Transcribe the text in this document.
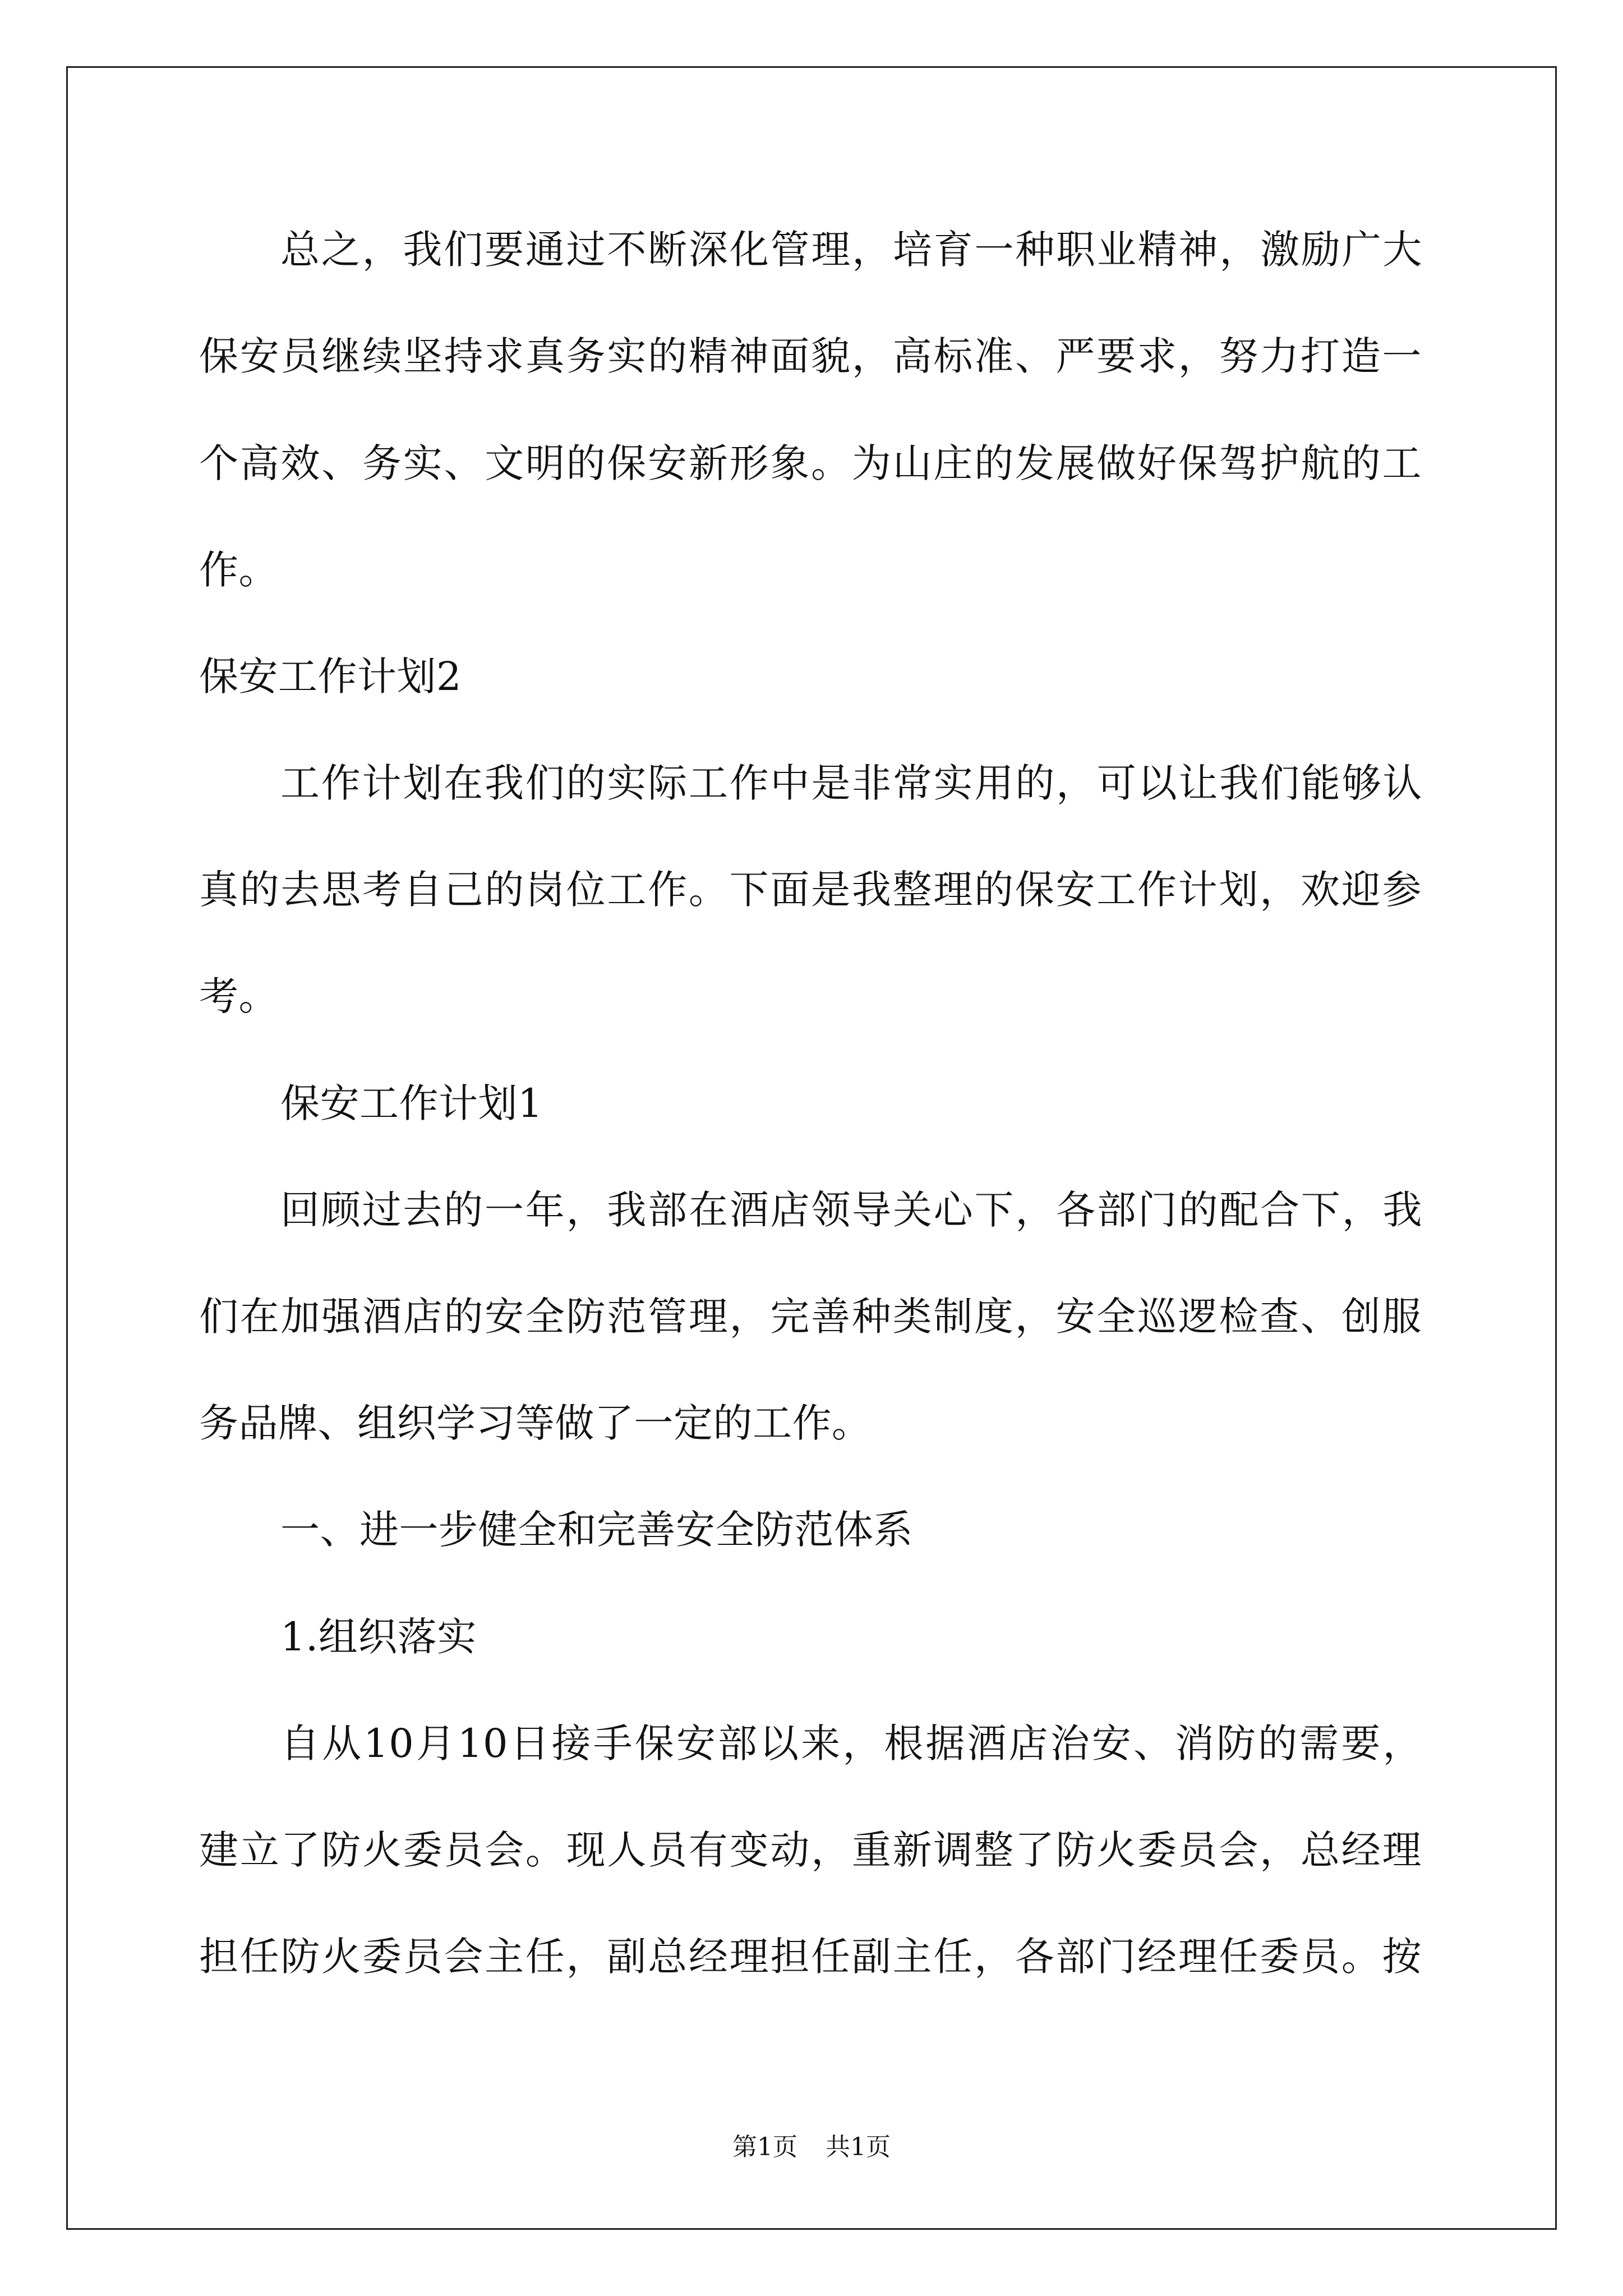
总之，我们要通过不断深化管理，培育一种职业精神，激励广大
保安员继续坚持求真务实的精神面貌，高标准、严要求，努力打造一
个高效、务实、文明的保安新形象。为山庄的发展做好保驾护航的工
作。
保安工作计划2
工作计划在我们的实际工作中是非常实用的，可以让我们能够认
真的去思考自己的岗位工作。下面是我整理的保安工作计划，欢迎参
考。
保安工作计划1
回顾过去的一年，我部在酒店领导关心下，各部门的配合下，我
们在加强酒店的安全防范管理，完善种类制度，安全巡逻检查、创服
务品牌、组织学习等做了一定的工作。
一、进一步健全和完善安全防范体系
1.组织落实
自从10月10日接手保安部以来，根据酒店治安、消防的需要，
建立了防火委员会。现人员有变动，重新调整了防火委员会，总经理
担任防火委员会主任，副总经理担任副主任，各部门经理任委员。按
第1页 共1页
